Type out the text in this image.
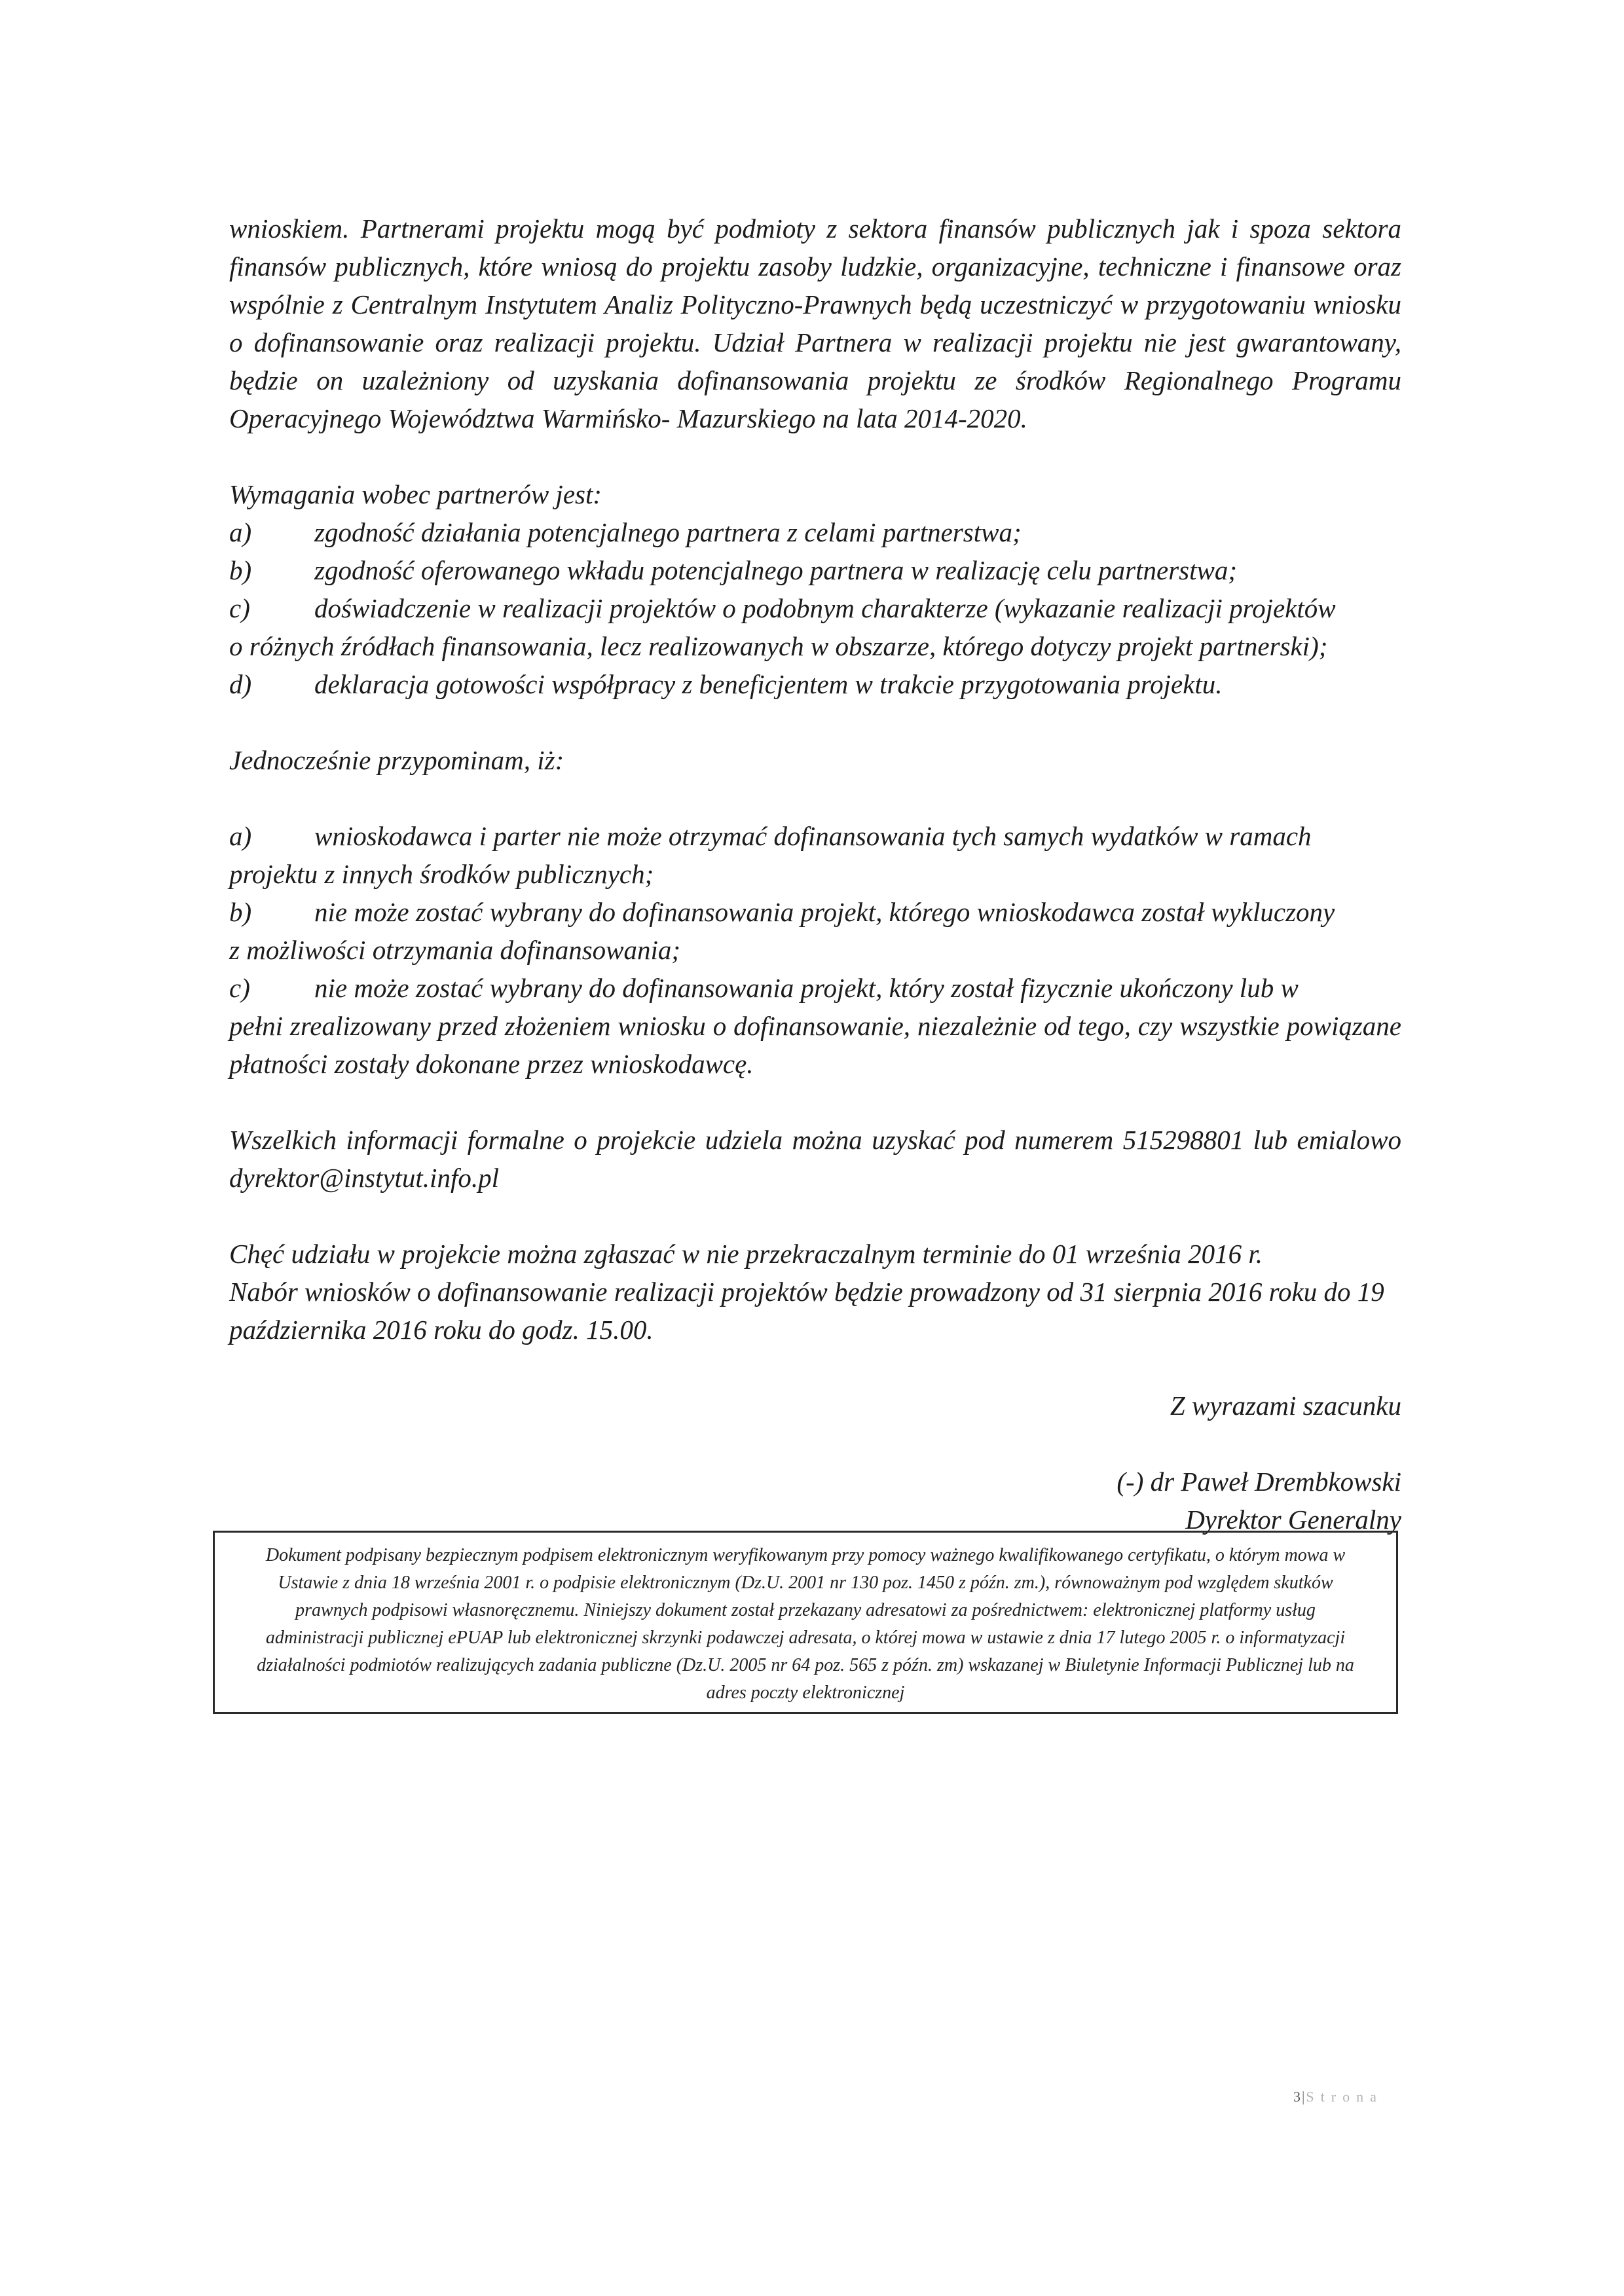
wnioskiem. Partnerami projektu mogą być podmioty z sektora finansów publicznych jak i spoza sektora finansów publicznych, które wniosą do projektu zasoby ludzkie, organizacyjne, techniczne i finansowe oraz wspólnie z Centralnym Instytutem Analiz Polityczno-Prawnych będą uczestniczyć w przygotowaniu wniosku o dofinansowanie oraz realizacji projektu. Udział Partnera w realizacji projektu nie jest gwarantowany, będzie on uzależniony od uzyskania dofinansowania projektu ze środków Regionalnego Programu Operacyjnego Województwa Warmińsko- Mazurskiego na lata 2014-2020.

Wymagania wobec partnerów jest:

a)	zgodność działania potencjalnego partnera z celami partnerstwa;
b)	zgodność oferowanego wkładu potencjalnego partnera w realizację celu partnerstwa;
c)	doświadczenie w realizacji projektów o podobnym charakterze (wykazanie realizacji projektów

o różnych źródłach finansowania, lecz realizowanych w obszarze, którego dotyczy projekt partnerski);

d)	deklaracja gotowości współpracy z beneficjentem w trakcie przygotowania projektu.

Jednocześnie przypominam, iż:

a)	wnioskodawca i parter nie może otrzymać dofinansowania tych samych wydatków w ramach

projektu z innych środków publicznych;

b)	nie może zostać wybrany do dofinansowania projekt, którego wnioskodawca został wykluczony

z możliwości otrzymania dofinansowania;

c)	nie może zostać wybrany do dofinansowania projekt, który został fizycznie ukończony lub w

pełni zrealizowany przed złożeniem wniosku o dofinansowanie, niezależnie od tego, czy wszystkie powiązane płatności zostały dokonane przez wnioskodawcę.

Wszelkich informacji formalne o projekcie udziela można uzyskać pod numerem 515298801 lub emialowo dyrektor@instytut.info.pl

Chęć udziału w projekcie można zgłaszać w nie przekraczalnym terminie do 01 września 2016 r.

Nabór wniosków o dofinansowanie realizacji projektów będzie prowadzony od 31 sierpnia 2016 roku do 19 października 2016 roku do godz. 15.00.

Z wyrazami szacunku

(-) dr Paweł Drembkowski

Dyrektor Generalny

Dokument podpisany bezpiecznym podpisem elektronicznym weryfikowanym przy pomocy ważnego kwalifikowanego certyfikatu, o którym mowa w Ustawie z dnia 18 września 2001 r. o podpisie elektronicznym (Dz.U. 2001 nr 130 poz. 1450 z późn. zm.), równoważnym pod względem skutków prawnych podpisowi własnoręcznemu. Niniejszy dokument został przekazany adresatowi za pośrednictwem: elektronicznej platformy usług administracji publicznej ePUAP lub elektronicznej skrzynki podawczej adresata, o której mowa w ustawie z dnia 17 lutego 2005 r. o informatyzacji działalności podmiotów realizujących zadania publiczne (Dz.U. 2005 nr 64 poz. 565 z późn. zm) wskazanej w Biuletynie Informacji Publicznej lub na adres poczty elektronicznej
3|Strona
